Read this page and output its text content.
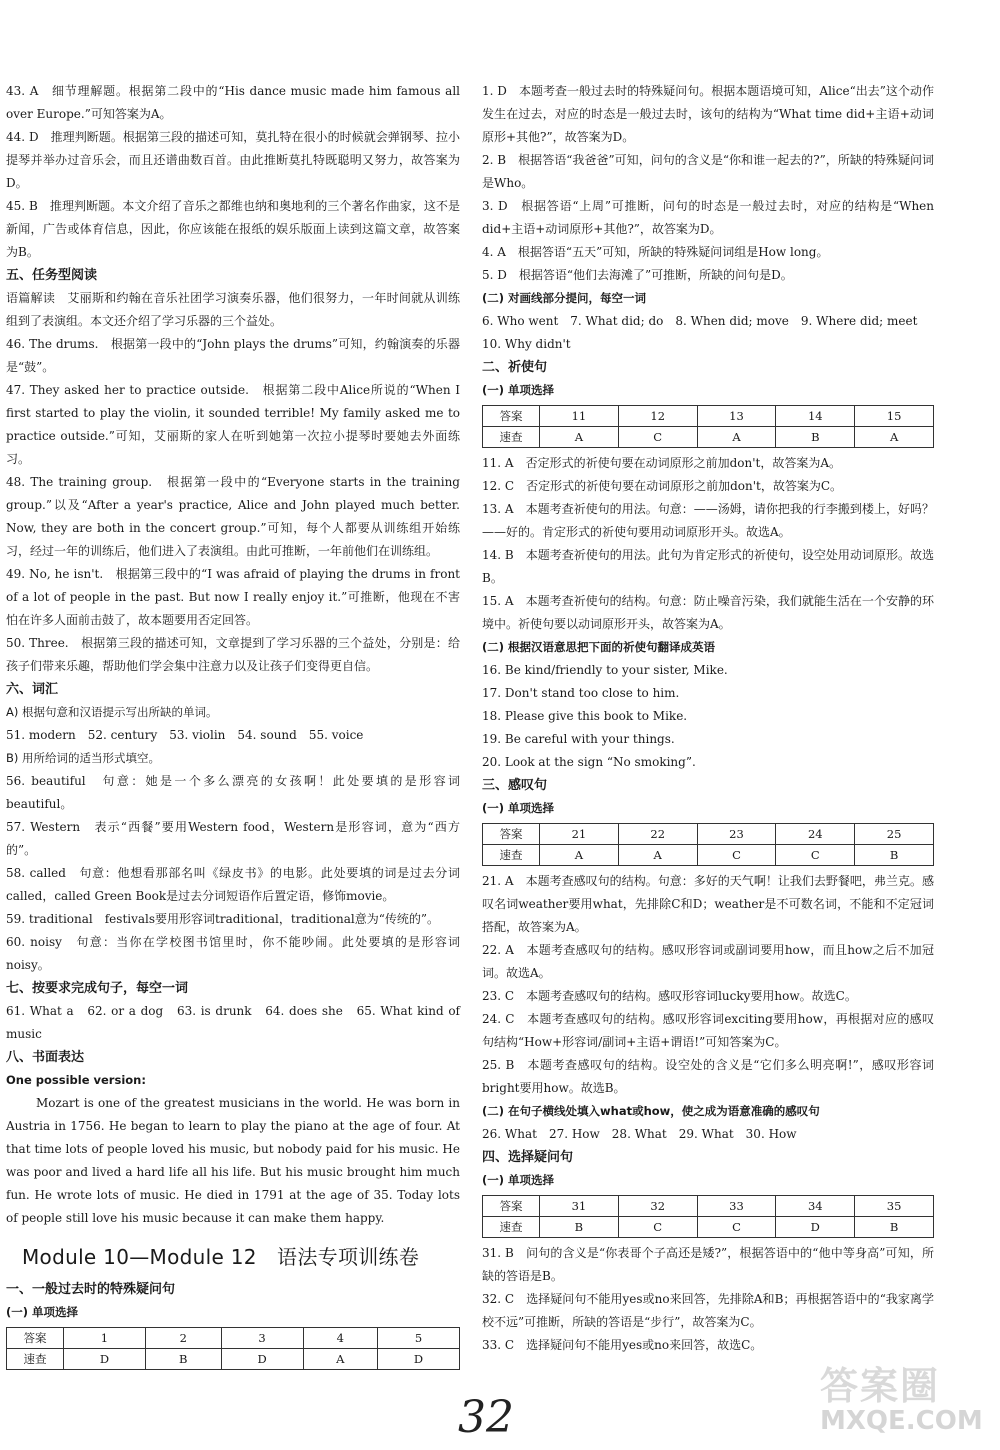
43. A　细节理解题。根据第二段中的“His dance music made him famous all over Europe.”可知答案为A。

44. D　推理判断题。根据第三段的描述可知，莫扎特在很小的时候就会弹钢琴、拉小提琴并举办过音乐会，而且还谱曲数百首。由此推断莫扎特既聪明又努力，故答案为D。

45. B　推理判断题。本文介绍了音乐之都维也纳和奥地利的三个著名作曲家，这不是新闻，广告或体育信息，因此，你应该能在报纸的娱乐版面上读到这篇文章，故答案为B。

五、任务型阅读

语篇解读　艾丽斯和约翰在音乐社团学习演奏乐器，他们很努力，一年时间就从训练组到了表演组。本文还介绍了学习乐器的三个益处。

46. The drums.　根据第一段中的“John plays the drums”可知，约翰演奏的乐器是“鼓”。

47. They asked her to practice outside.　根据第二段中Alice所说的“When I first started to play the violin, it sounded terrible! My family asked me to practice outside.”可知，艾丽斯的家人在听到她第一次拉小提琴时要她去外面练习。

48. The training group.　根据第一段中的“Everyone starts in the training group.”以及“After a year's practice, Alice and John played much better. Now, they are both in the concert group.”可知，每个人都要从训练组开始练习，经过一年的训练后，他们进入了表演组。由此可推断，一年前他们在训练组。

49. No, he isn't.　根据第三段中的“I was afraid of playing the drums in front of a lot of people in the past. But now I really enjoy it.”可推断，他现在不害怕在许多人面前击鼓了，故本题要用否定回答。

50. Three.　根据第三段的描述可知，文章提到了学习乐器的三个益处，分别是：给孩子们带来乐趣，帮助他们学会集中注意力以及让孩子们变得更自信。

六、词汇

A) 根据句意和汉语提示写出所缺的单词。

51. modern　52. century　53. violin　54. sound　55. voice

B) 用所给词的适当形式填空。

56. beautiful　句意：她是一个多么漂亮的女孩啊！此处要填的是形容词beautiful。

57. Western　表示“西餐”要用Western food，Western是形容词，意为“西方的”。

58. called　句意：他想看那部名叫《绿皮书》的电影。此处要填的词是过去分词called，called Green Book是过去分词短语作后置定语，修饰movie。

59. traditional　festivals要用形容词traditional，traditional意为“传统的”。

60. noisy　句意：当你在学校图书馆里时，你不能吵闹。此处要填的是形容词noisy。

七、按要求完成句子，每空一词

61. What a　62. or a dog　63. is drunk　64. does she　65. What kind of music

八、书面表达

One possible version:

Mozart is one of the greatest musicians in the world. He was born in Austria in 1756. He began to learn to play the piano at the age of four. At that time lots of people loved his music, but nobody paid for his music. He was poor and lived a hard life all his life. But his music brought him much fun. He wrote lots of music. He died in 1791 at the age of 35. Today lots of people still love his music because it can make them happy.

Module 10—Module 12　语法专项训练卷

一、一般过去时的特殊疑问句

(一) 单项选择

答案	1	2	3	4	5
速查	D	B	D	A	D

1. D　本题考查一般过去时的特殊疑问句。根据本题语境可知，Alice“出去”这个动作发生在过去，对应的时态是一般过去时，该句的结构为“What time did+主语+动词原形+其他?”，故答案为D。

2. B　根据答语“我爸爸”可知，问句的含义是“你和谁一起去的?”，所缺的特殊疑问词是Who。

3. D　根据答语“上周”可推断，问句的时态是一般过去时，对应的结构是“When did+主语+动词原形+其他?”，故答案为D。

4. A　根据答语“五天”可知，所缺的特殊疑问词组是How long。

5. D　根据答语“他们去海滩了”可推断，所缺的问句是D。

(二) 对画线部分提问，每空一词

6. Who went　7. What did; do　8. When did; move　9. Where did; meet

10. Why didn't

二、祈使句

(一) 单项选择

答案	11	12	13	14	15
速查	A	C	A	B	A

11. A　否定形式的祈使句要在动词原形之前加don't，故答案为A。

12. C　否定形式的祈使句要在动词原形之前加don't，故答案为C。

13. A　本题考查祈使句的用法。句意：——汤姆，请你把我的行李搬到楼上，好吗？——好的。肯定形式的祈使句要用动词原形开头。故选A。

14. B　本题考查祈使句的用法。此句为肯定形式的祈使句，设空处用动词原形。故选B。

15. A　本题考查祈使句的结构。句意：防止噪音污染，我们就能生活在一个安静的环境中。祈使句要以动词原形开头，故答案为A。

(二) 根据汉语意思把下面的祈使句翻译成英语

16. Be kind/friendly to your sister, Mike.

17. Don't stand too close to him.

18. Please give this book to Mike.

19. Be careful with your things.

20. Look at the sign “No smoking”.

三、感叹句

(一) 单项选择

答案	21	22	23	24	25
速查	A	A	C	C	B

21. A　本题考查感叹句的结构。句意：多好的天气啊！让我们去野餐吧，弗兰克。感叹名词weather要用what，先排除C和D；weather是不可数名词，不能和不定冠词搭配，故答案为A。

22. A　本题考查感叹句的结构。感叹形容词或副词要用how，而且how之后不加冠词。故选A。

23. C　本题考查感叹句的结构。感叹形容词lucky要用how。故选C。

24. C　本题考查感叹句的结构。感叹形容词exciting要用how，再根据对应的感叹句结构“How+形容词/副词+主语+谓语!”可知答案为C。

25. B　本题考查感叹句的结构。设空处的含义是“它们多么明亮啊!”，感叹形容词bright要用how。故选B。

(二) 在句子横线处填入what或how，使之成为语意准确的感叹句

26. What　27. How　28. What　29. What　30. How

四、选择疑问句

(一) 单项选择

答案	31	32	33	34	35
速查	B	C	C	D	B

31. B　问句的含义是“你表哥个子高还是矮?”，根据答语中的“他中等身高”可知，所缺的答语是B。

32. C　选择疑问句不能用yes或no来回答，先排除A和B；再根据答语中的“我家离学校不远”可推断，所缺的答语是“步行”，故答案为C。

33. C　选择疑问句不能用yes或no来回答，故选C。

32
答案圈
MXQE.COM
